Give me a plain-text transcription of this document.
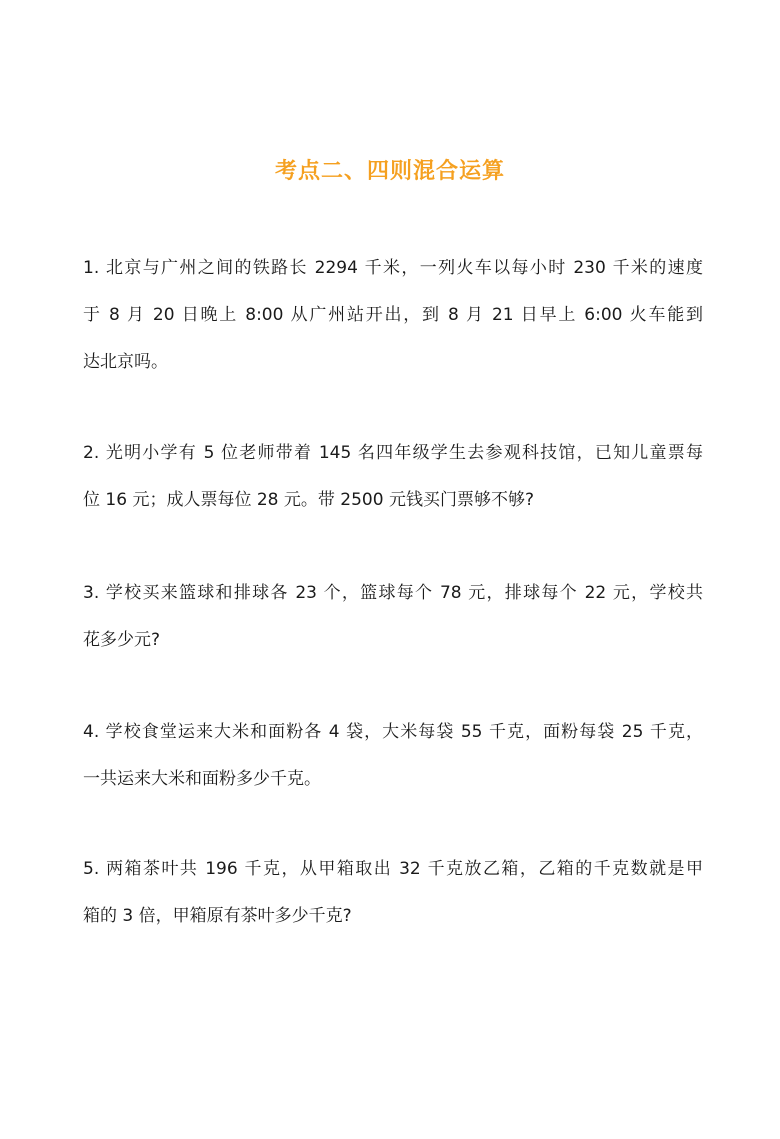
考点二、四则混合运算
1. 北京与广州之间的铁路长 2294 千米，一列火车以每小时 230 千米的速度
于 8 月 20 日晚上 8:00 从广州站开出，到 8 月 21 日早上 6:00 火车能到
达北京吗。
2. 光明小学有 5 位老师带着 145 名四年级学生去参观科技馆，已知儿童票每
位 16 元；成人票每位 28 元。带 2500 元钱买门票够不够?
3. 学校买来篮球和排球各 23 个，篮球每个 78 元，排球每个 22 元，学校共
花多少元?
4. 学校食堂运来大米和面粉各 4 袋，大米每袋 55 千克，面粉每袋 25 千克，
一共运来大米和面粉多少千克。
5. 两箱茶叶共 196 千克，从甲箱取出 32 千克放乙箱，乙箱的千克数就是甲
箱的 3 倍，甲箱原有茶叶多少千克?
